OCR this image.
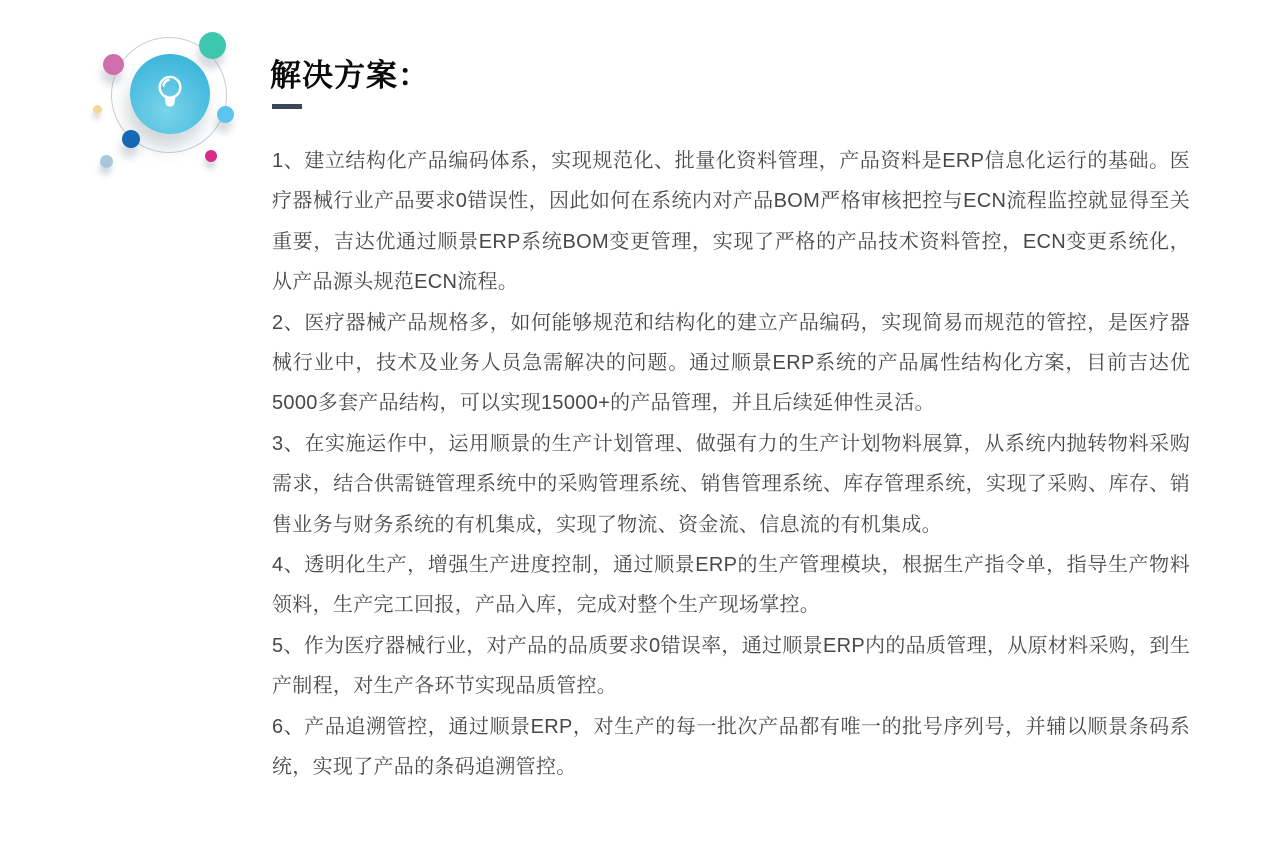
解决方案：

1、建立结构化产品编码体系，实现规范化、批量化资料管理，产品资料是ERP信息化运行的基础。医疗器械行业产品要求0错误性，因此如何在系统内对产品BOM严格审核把控与ECN流程监控就显得至关重要，吉达优通过顺景ERP系统BOM变更管理，实现了严格的产品技术资料管控，ECN变更系统化，从产品源头规范ECN流程。

2、医疗器械产品规格多，如何能够规范和结构化的建立产品编码，实现简易而规范的管控，是医疗器械行业中，技术及业务人员急需解决的问题。通过顺景ERP系统的产品属性结构化方案，目前吉达优5000多套产品结构，可以实现15000+的产品管理，并且后续延伸性灵活。

3、在实施运作中，运用顺景的生产计划管理、做强有力的生产计划物料展算，从系统内抛转物料采购需求，结合供需链管理系统中的采购管理系统、销售管理系统、库存管理系统，实现了采购、库存、销售业务与财务系统的有机集成，实现了物流、资金流、信息流的有机集成。

4、透明化生产，增强生产进度控制，通过顺景ERP的生产管理模块，根据生产指令单，指导生产物料领料，生产完工回报，产品入库，完成对整个生产现场掌控。

5、作为医疗器械行业，对产品的品质要求0错误率，通过顺景ERP内的品质管理，从原材料采购，到生产制程，对生产各环节实现品质管控。

6、产品追溯管控，通过顺景ERP，对生产的每一批次产品都有唯一的批号序列号，并辅以顺景条码系统，实现了产品的条码追溯管控。
